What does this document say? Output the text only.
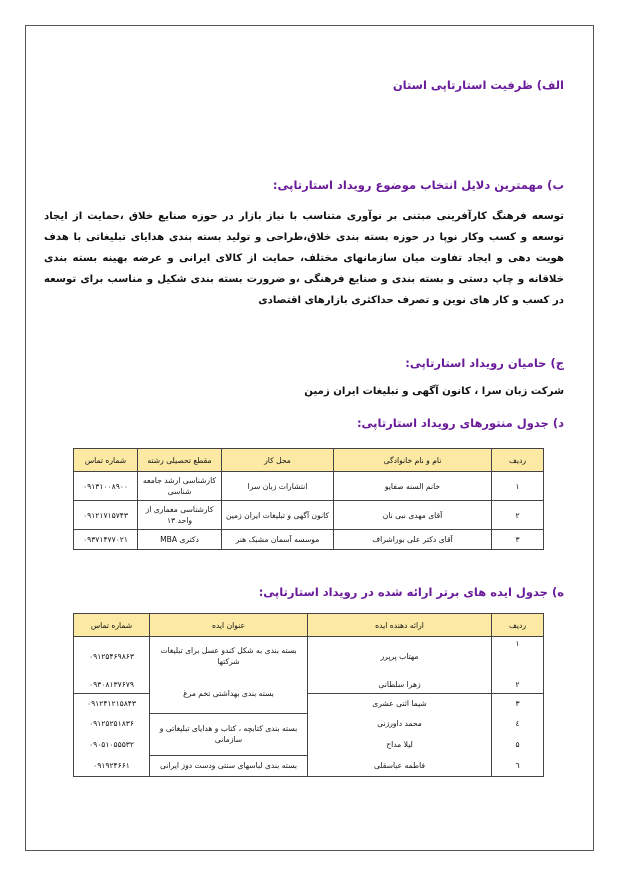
الف) ظرفیت استارتاپی استان
ب) مهمترین دلایل انتخاب موضوع رویداد استارتاپی:
توسعه فرهنگ کارآفرینی مبتنی بر نوآوری متناسب با نیاز بازار در حوزه صنایع خلاق ،حمایت از ایجاد توسعه و کسب وکار نوپا در حوزه بسته بندی خلاق،طراحی و تولید بسته بندی هدایای تبلیغاتی با هدف هویت دهی و ایجاد تفاوت میان سازمانهای مختلف، حمایت از کالای ایرانی و عرضه بهینه بسته بندی خلاقانه و چاپ دستی و بسته بندی و صنایع فرهنگی ،و ضرورت بسته بندی شکیل و مناسب برای توسعه در کسب و کار های نوین و تصرف حداکثری بازارهای اقتصادی
ج) حامیان رویداد استارتاپی:
شرکت زبان سرا ، کانون آگهی و تبلیغات ایران زمین
د) جدول منتورهای رویداد استارتاپی:
ردیف	نام و نام خانوادگی	محل کار	مقطع تحصیلی رشته	شماره تماس
۱	خانم السنه صفایو	انتشارات زبان سرا	کارشناسی ارشد جامعه شناسی	۰۹۱۳۱۰۰۸۹۰۰
۲	آقای مهدی نبی نان	کانون آگهی و تبلیغات ایران زمین	کارشناسی معماری از واحد ۱۳	۰۹۱۲۱۷۱۵۷۴۳
۳	آقای دکتر علی بوراشراف	موسسه آسمان مشبک هنر	دکتری MBA	۰۹۳۷۱۴۷۷۰۲۱
ه) جدول ایده های برتر ارائه شده در رویداد استارتاپی:
ردیف	ارائه دهنده ایده	عنوان ایده	شماره تماس
۱	مهتاب پرپرر	بسته بندی به شکل کندو عسل برای تبلیغات شرکتها	۰۹۱۲۵۴۶۹۸۶۳
۲	زهرا سلطانی	بسته بندی بهداشتی تخم مرغ	۰۹۳۰۸۱۳۷۶۷۹
۳	شیما اثنی عشری		۰۹۱۲۴۱۲۱۵۸۴۳
٤	محمد داورزنی	بسته بندی کتابچه ، کتاب و هدایای تبلیغاتی و سازمانی	۰۹۱۲۵۲۵۱۸۳۶
۵	لیلا مداح		۰۹۰۵۱۰۵۵۵۳۲
٦	فاطمه عباسقلی	بسته بندی لباسهای سنتی ودست دوز ایرانی	۰۹۱۹۲۴۶۶۱
